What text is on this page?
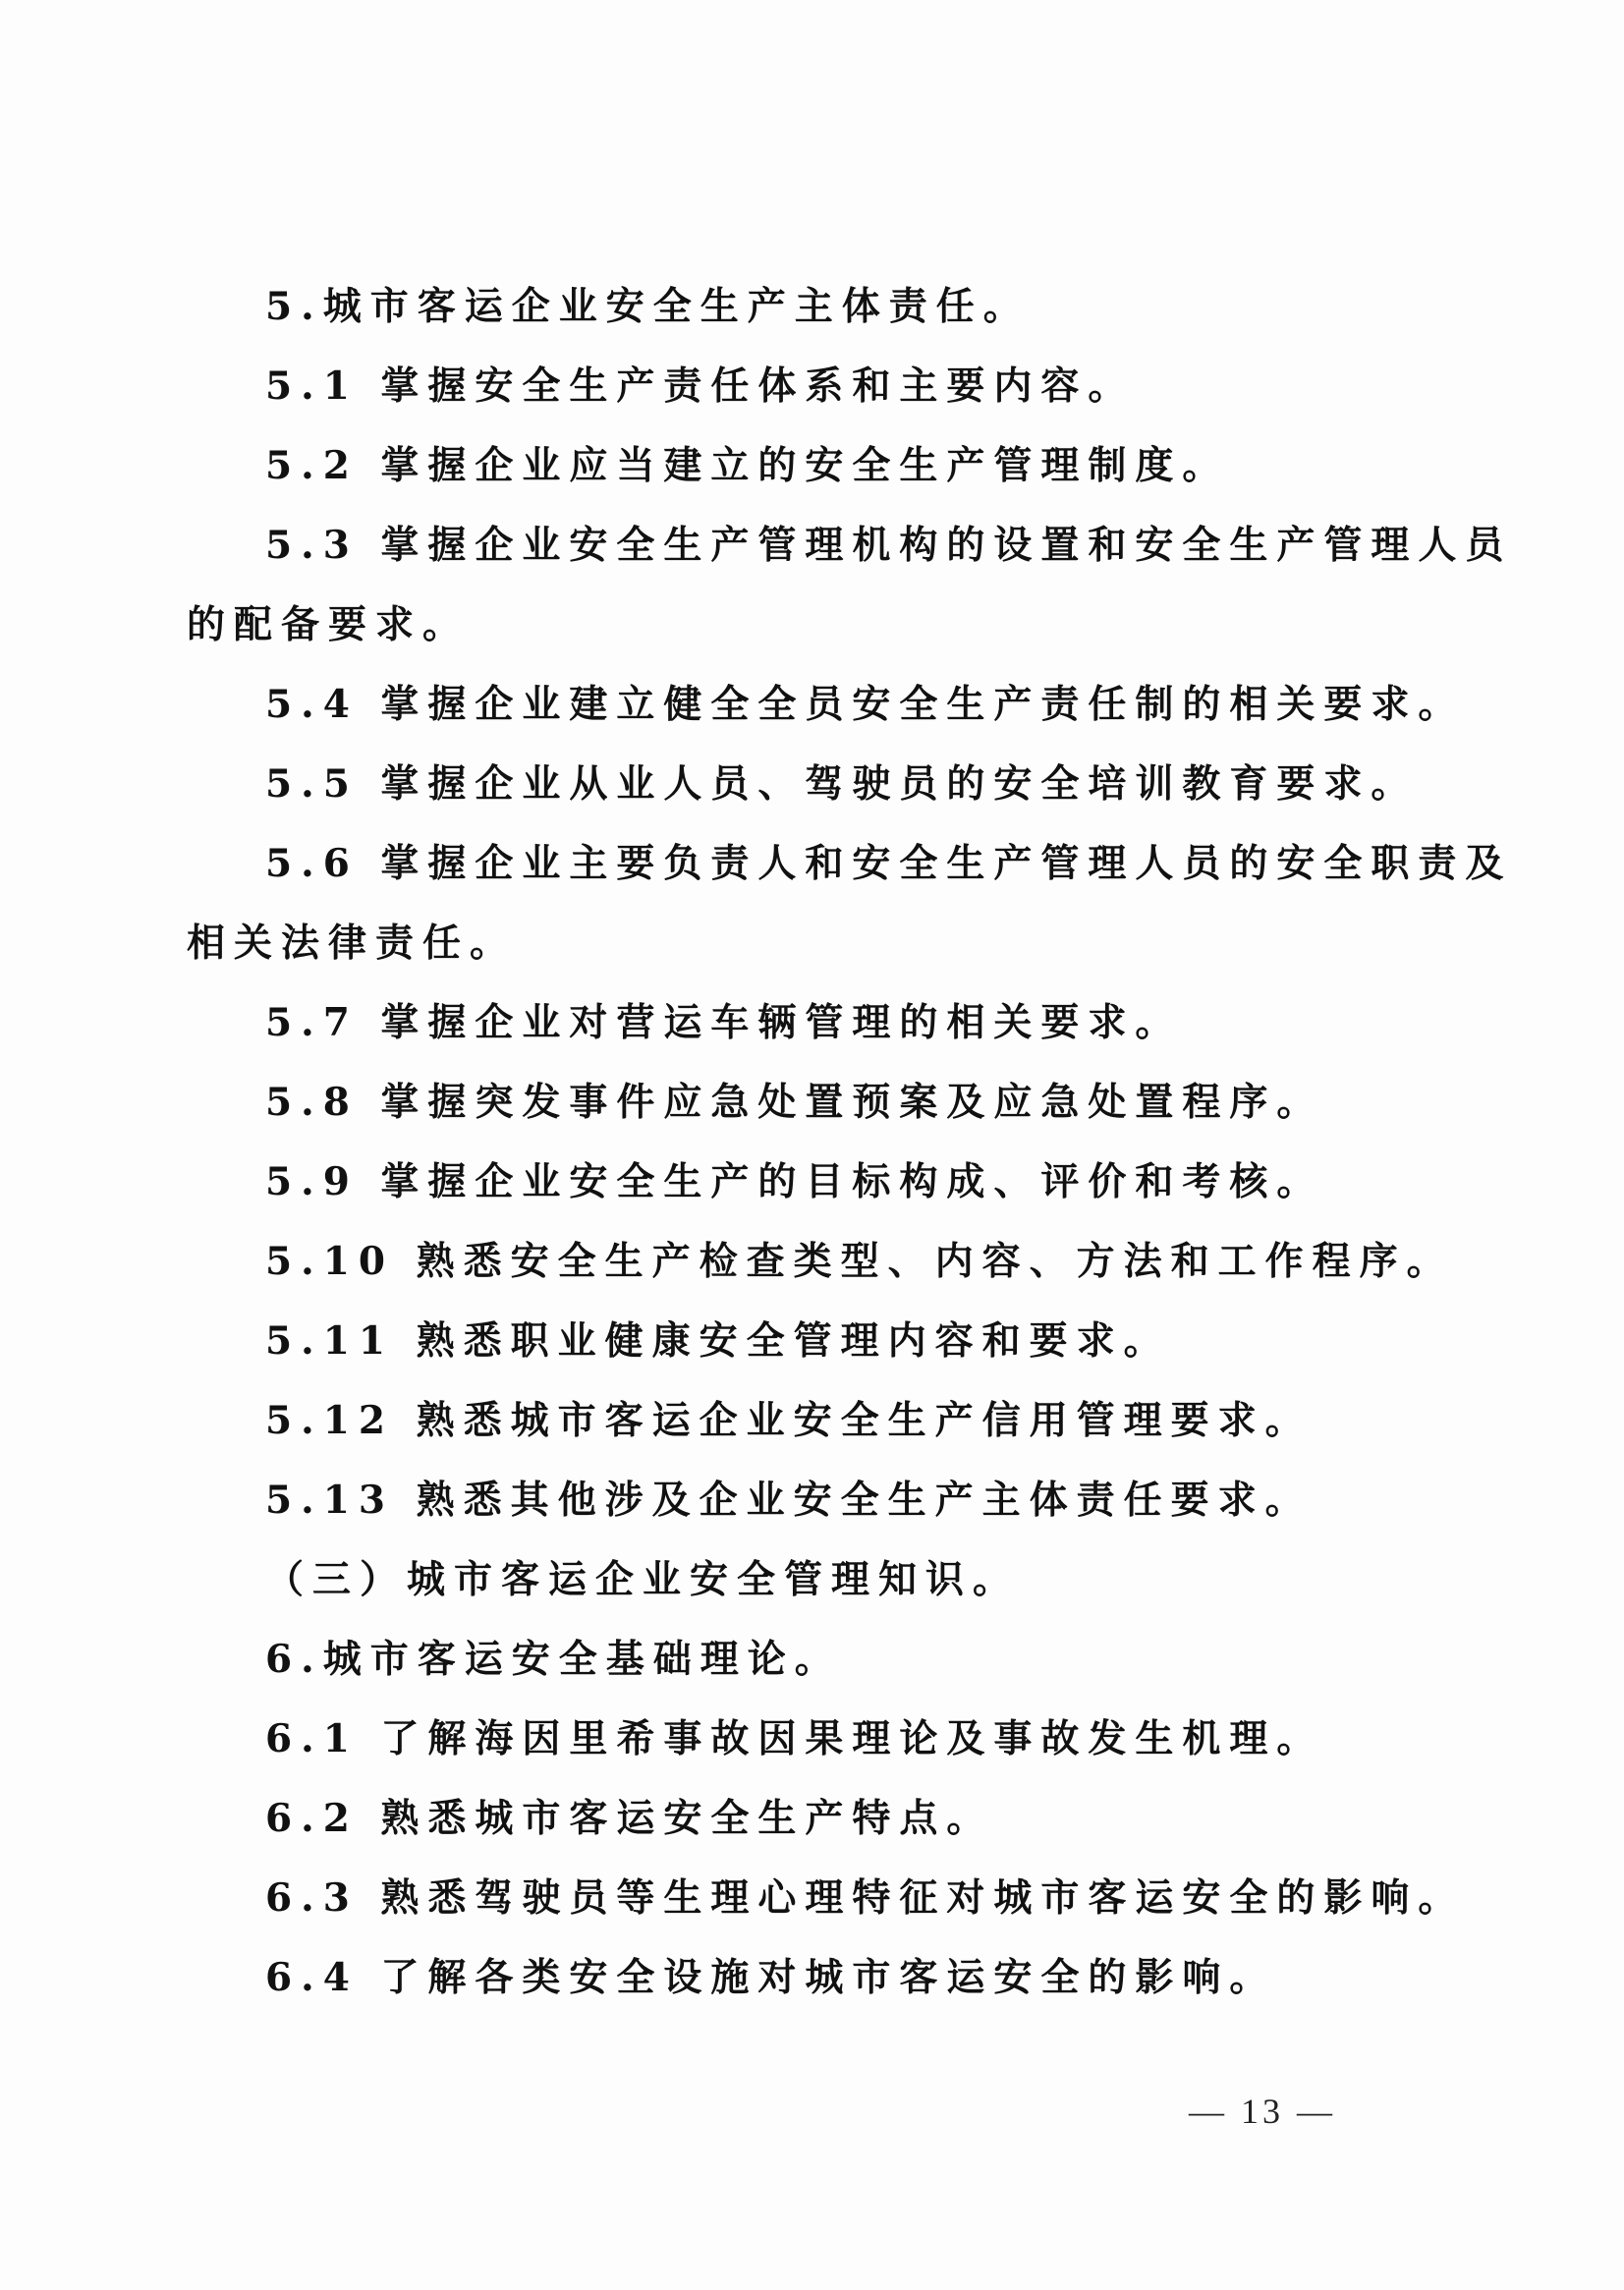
5.城市客运企业安全生产主体责任。
5.1 掌握安全生产责任体系和主要内容。
5.2 掌握企业应当建立的安全生产管理制度。
5.3 掌握企业安全生产管理机构的设置和安全生产管理人员
的配备要求。
5.4 掌握企业建立健全全员安全生产责任制的相关要求。
5.5 掌握企业从业人员、驾驶员的安全培训教育要求。
5.6 掌握企业主要负责人和安全生产管理人员的安全职责及
相关法律责任。
5.7 掌握企业对营运车辆管理的相关要求。
5.8 掌握突发事件应急处置预案及应急处置程序。
5.9 掌握企业安全生产的目标构成、评价和考核。
5.10 熟悉安全生产检查类型、内容、方法和工作程序。
5.11 熟悉职业健康安全管理内容和要求。
5.12 熟悉城市客运企业安全生产信用管理要求。
5.13 熟悉其他涉及企业安全生产主体责任要求。
（三）城市客运企业安全管理知识。
6.城市客运安全基础理论。
6.1 了解海因里希事故因果理论及事故发生机理。
6.2 熟悉城市客运安全生产特点。
6.3 熟悉驾驶员等生理心理特征对城市客运安全的影响。
6.4 了解各类安全设施对城市客运安全的影响。
— 13 —
